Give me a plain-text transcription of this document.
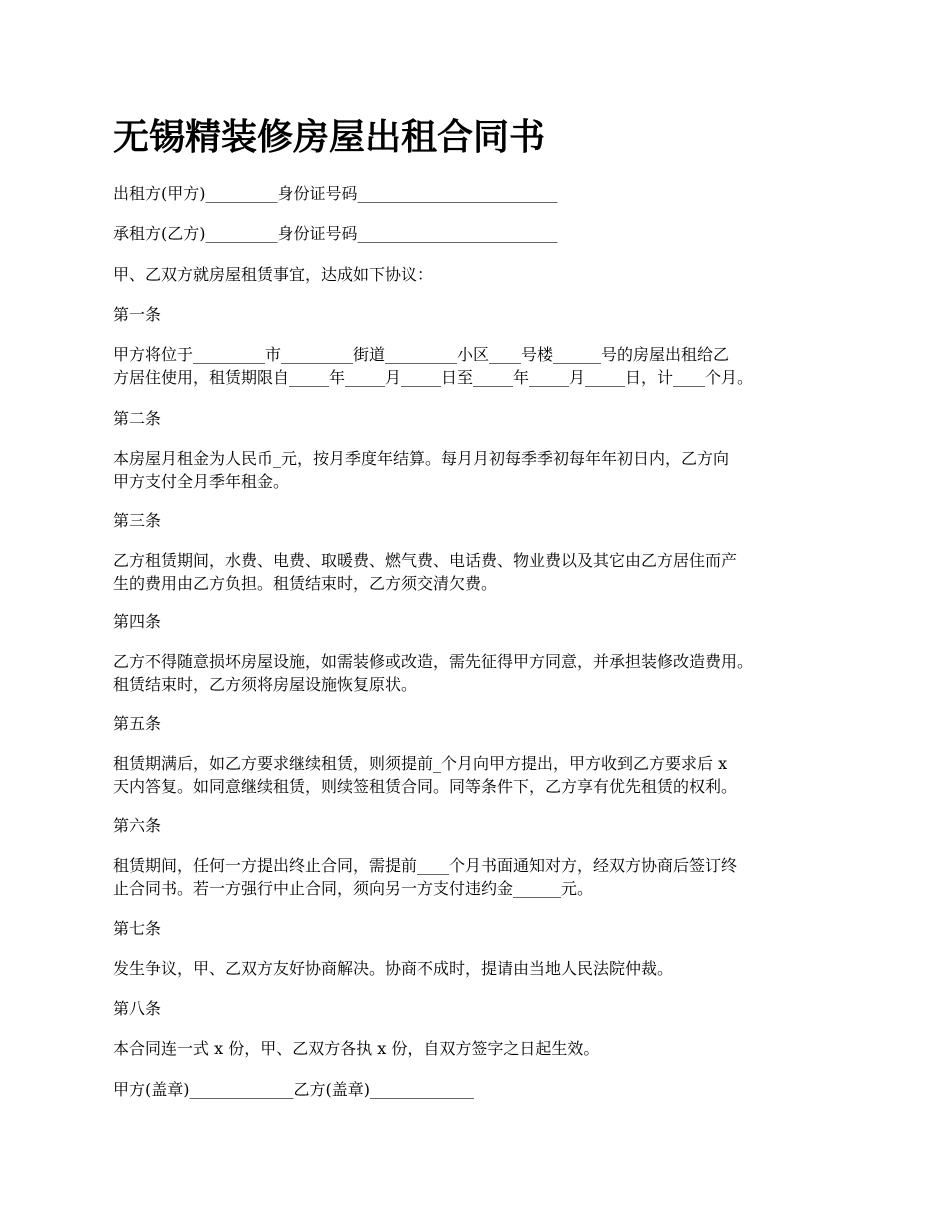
无锡精装修房屋出租合同书

出租方(甲方)_________身份证号码_________________________

承租方(乙方)_________身份证号码_________________________

甲、乙双方就房屋租赁事宜，达成如下协议：

第一条

甲方将位于_________市_________街道_________小区____号楼______号的房屋出租给乙
方居住使用，租赁期限自_____年_____月_____日至_____年_____月_____日，计____个月。

第二条

本房屋月租金为人民币_元，按月季度年结算。每月月初每季季初每年年初日内，乙方向
甲方支付全月季年租金。

第三条

乙方租赁期间，水费、电费、取暖费、燃气费、电话费、物业费以及其它由乙方居住而产
生的费用由乙方负担。租赁结束时，乙方须交清欠费。

第四条

乙方不得随意损坏房屋设施，如需装修或改造，需先征得甲方同意，并承担装修改造费用。
租赁结束时，乙方须将房屋设施恢复原状。

第五条

租赁期满后，如乙方要求继续租赁，则须提前_个月向甲方提出，甲方收到乙方要求后 x
天内答复。如同意继续租赁，则续签租赁合同。同等条件下，乙方享有优先租赁的权利。

第六条

租赁期间，任何一方提出终止合同，需提前____个月书面通知对方，经双方协商后签订终
止合同书。若一方强行中止合同，须向另一方支付违约金______元。

第七条

发生争议，甲、乙双方友好协商解决。协商不成时，提请由当地人民法院仲裁。

第八条

本合同连一式 x 份，甲、乙双方各执 x 份，自双方签字之日起生效。

甲方(盖章)_____________乙方(盖章)_____________
